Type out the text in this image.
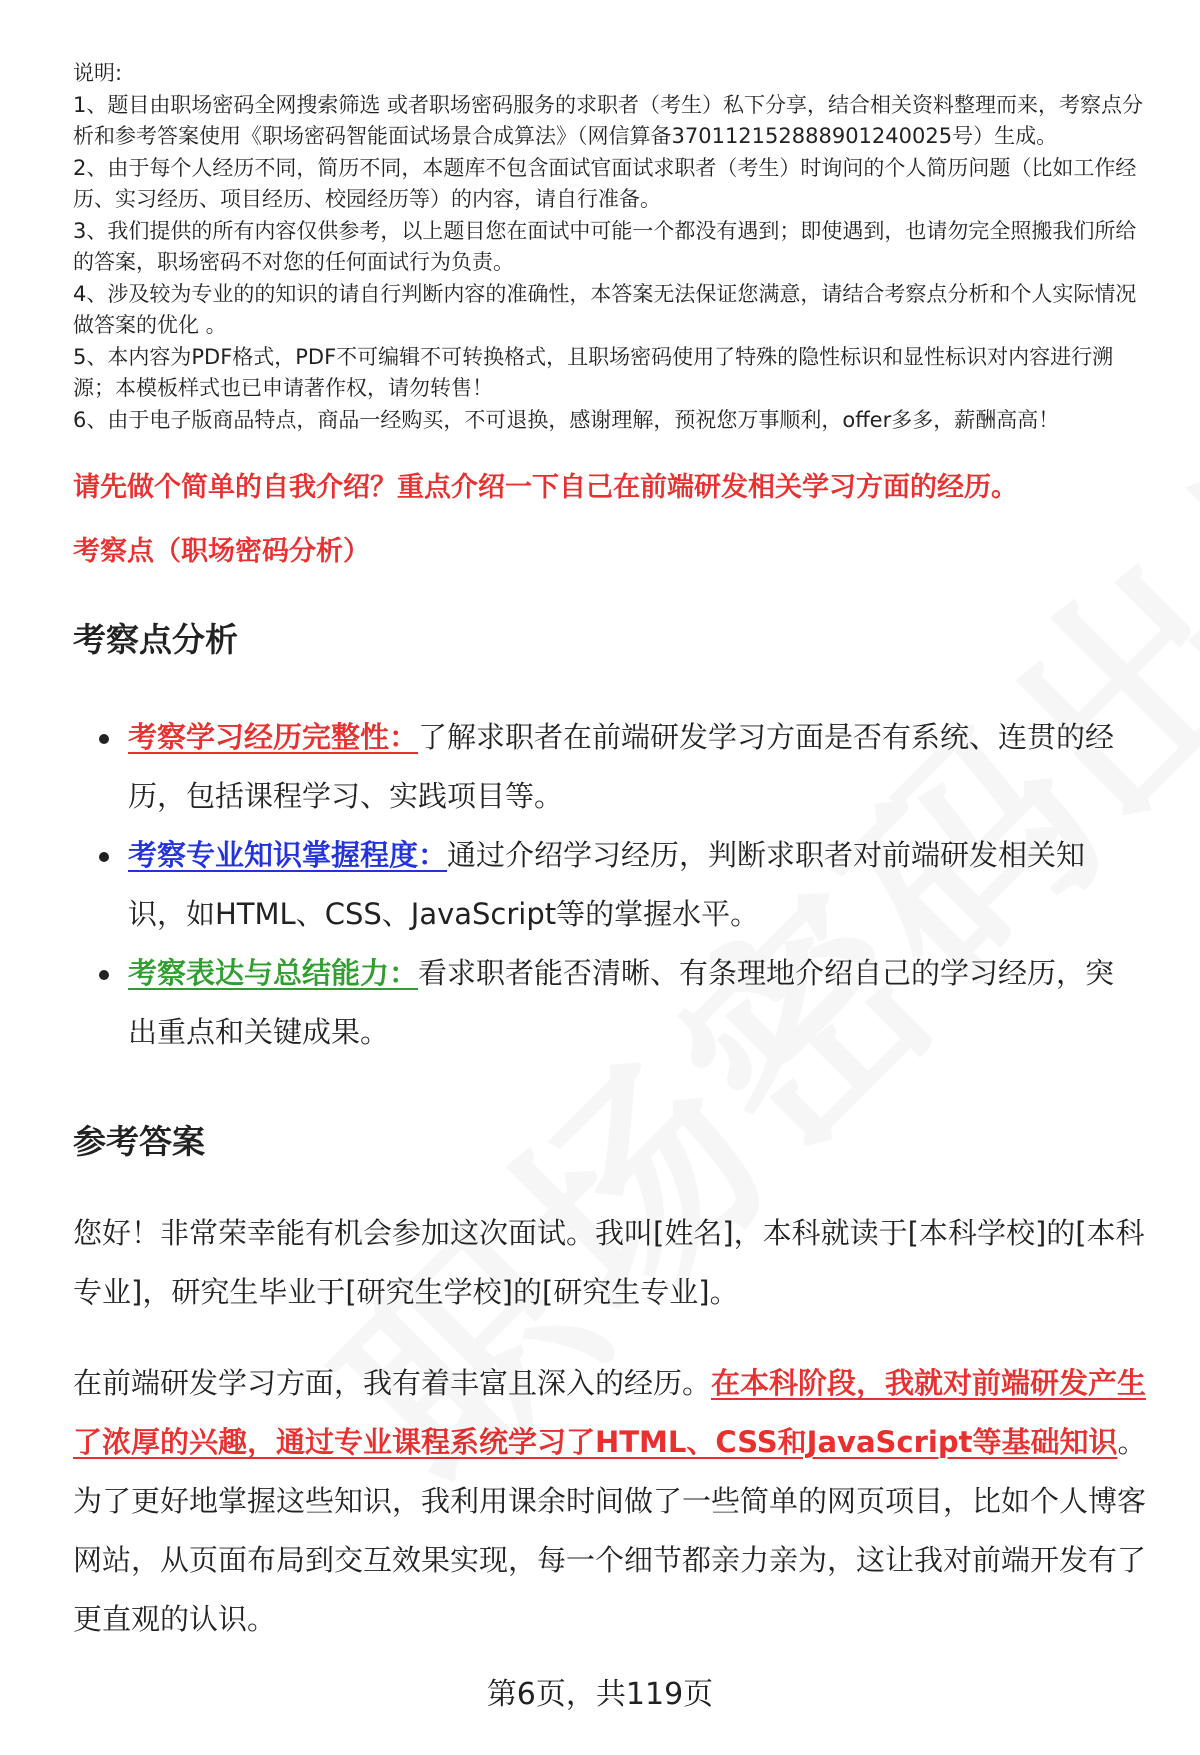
说明:

1、题目由职场密码全网搜索筛选 或者职场密码服务的求职者（考生）私下分享，结合相关资料整理而来，考察点分析和参考答案使用《职场密码智能面试场景合成算法》（网信算备370112152888901240025号）生成。

2、由于每个人经历不同，简历不同，本题库不包含面试官面试求职者（考生）时询问的个人简历问题（比如工作经历、实习经历、项目经历、校园经历等）的内容，请自行准备。

3、我们提供的所有内容仅供参考，以上题目您在面试中可能一个都没有遇到；即使遇到，也请勿完全照搬我们所给的答案，职场密码不对您的任何面试行为负责。

4、涉及较为专业的的知识的请自行判断内容的准确性，本答案无法保证您满意，请结合考察点分析和个人实际情况做答案的优化 。

5、本内容为PDF格式，PDF不可编辑不可转换格式，且职场密码使用了特殊的隐性标识和显性标识对内容进行溯源；本模板样式也已申请著作权，请勿转售！

6、由于电子版商品特点，商品一经购买，不可退换，感谢理解，预祝您万事顺利，offer多多，薪酬高高！

请先做个简单的自我介绍？重点介绍一下自己在前端研发相关学习方面的经历。
考察点（职场密码分析）
考察点分析
考察学习经历完整性：了解求职者在前端研发学习方面是否有系统、连贯的经历，包括课程学习、实践项目等。
考察专业知识掌握程度：通过介绍学习经历，判断求职者对前端研发相关知识，如HTML、CSS、JavaScript等的掌握水平。
考察表达与总结能力：看求职者能否清晰、有条理地介绍自己的学习经历，突出重点和关键成果。
参考答案

您好！非常荣幸能有机会参加这次面试。我叫[姓名]，本科就读于[本科学校]的[本科专业]，研究生毕业于[研究生学校]的[研究生专业]。

在前端研发学习方面，我有着丰富且深入的经历。在本科阶段，我就对前端研发产生了浓厚的兴趣，通过专业课程系统学习了HTML、CSS和JavaScript等基础知识。为了更好地掌握这些知识，我利用课余时间做了一些简单的网页项目，比如个人博客网站，从页面布局到交互效果实现，每一个细节都亲力亲为，这让我对前端开发有了更直观的认识。

第6页，共119页
